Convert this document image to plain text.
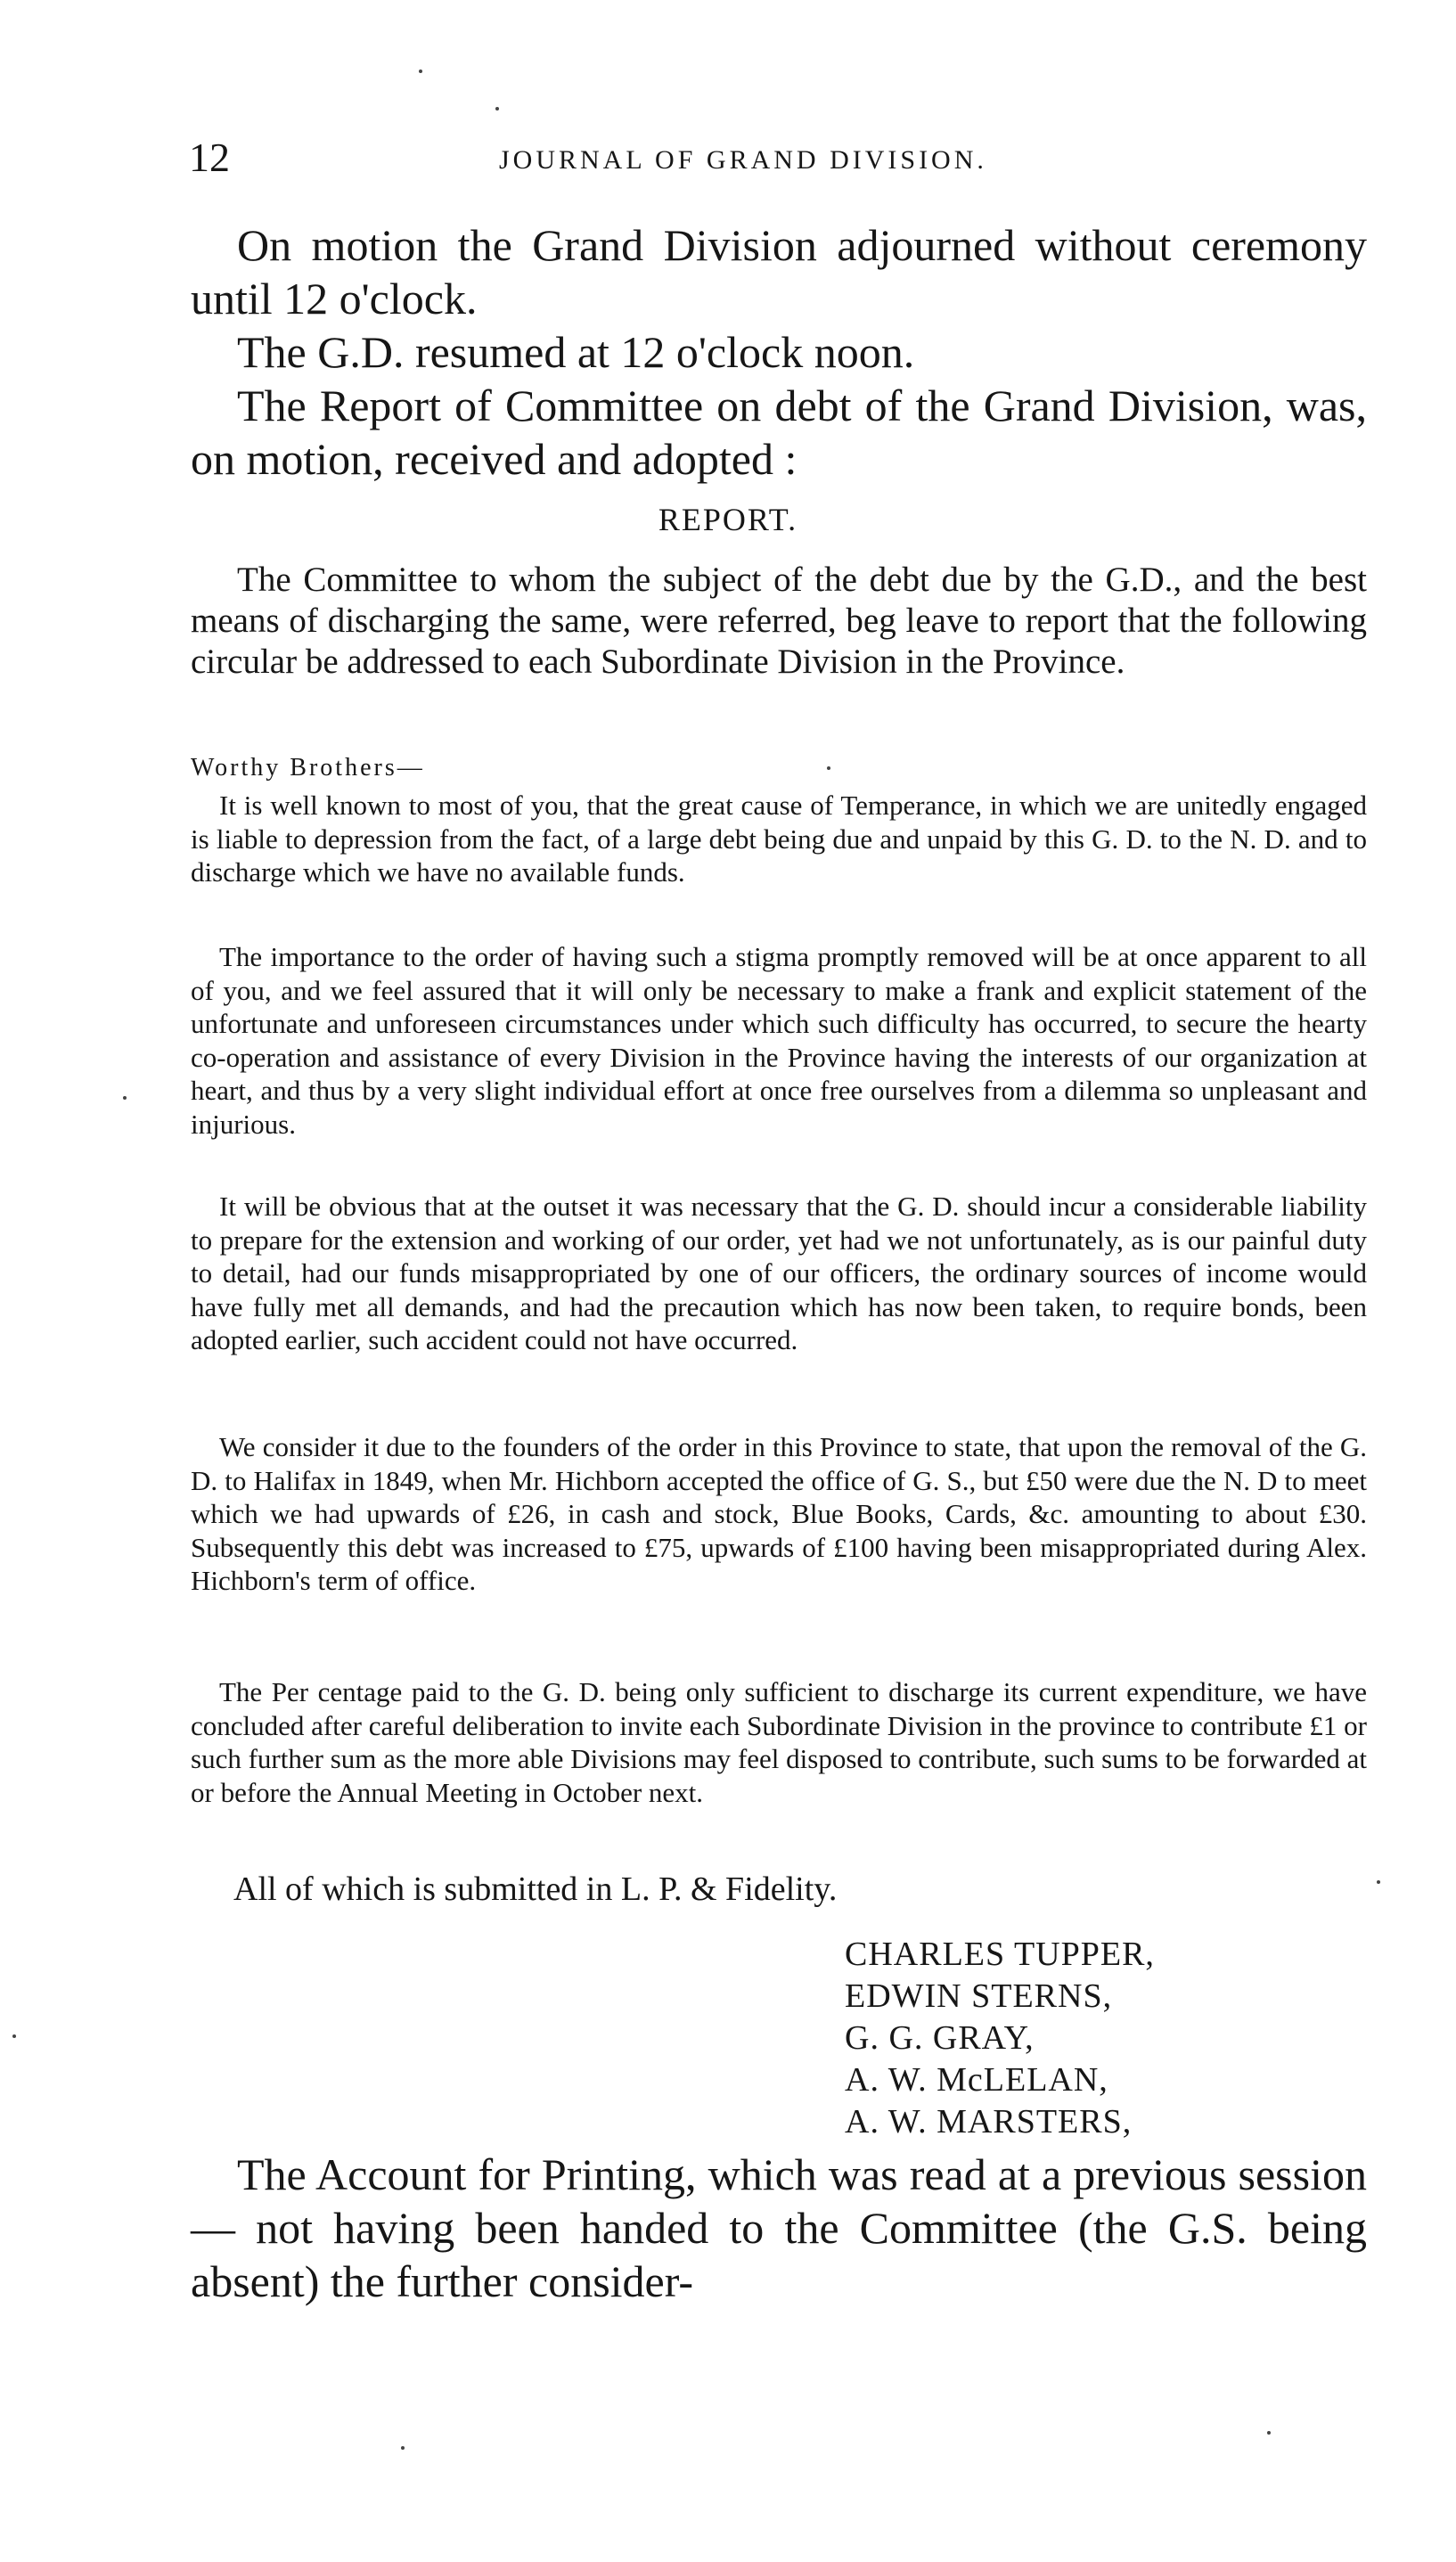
12	JOURNAL OF GRAND DIVISION.
On motion the Grand Division adjourned without ceremony until 12 o'clock.
The G.D. resumed at 12 o'clock noon.
The Report of Committee on debt of the Grand Division, was, on motion, received and adopted :
REPORT.
The Committee to whom the subject of the debt due by the G.D., and the best means of discharging the same, were referred, beg leave to report that the following circular be addressed to each Subordinate Division in the Province.
Worthy Brothers—
It is well known to most of you, that the great cause of Temperance, in which we are unitedly engaged is liable to depression from the fact, of a large debt being due and unpaid by this G. D. to the N. D. and to discharge which we have no available funds.
The importance to the order of having such a stigma promptly removed will be at once apparent to all of you, and we feel assured that it will only be necessary to make a frank and explicit statement of the unfortunate and unforeseen circumstances under which such difficulty has occurred, to secure the hearty co-operation and assistance of every Division in the Province having the interests of our organization at heart, and thus by a very slight individual effort at once free ourselves from a dilemma so unpleasant and injurious.
It will be obvious that at the outset it was necessary that the G. D. should incur a considerable liability to prepare for the extension and working of our order, yet had we not unfortunately, as is our painful duty to detail, had our funds misappropriated by one of our officers, the ordinary sources of income would have fully met all demands, and had the precaution which has now been taken, to require bonds, been adopted earlier, such accident could not have occurred.
We consider it due to the founders of the order in this Province to state, that upon the removal of the G. D. to Halifax in 1849, when Mr. Hichborn accepted the office of G. S., but £50 were due the N. D to meet which we had upwards of £26, in cash and stock, Blue Books, Cards, &c. amounting to about £30. Subsequently this debt was increased to £75, upwards of £100 having been misappropriated during Alex. Hichborn's term of office.
The Per centage paid to the G. D. being only sufficient to discharge its current expenditure, we have concluded after careful deliberation to invite each Subordinate Division in the province to contribute £1 or such further sum as the more able Divisions may feel disposed to contribute, such sums to be forwarded at or before the Annual Meeting in October next.
All of which is submitted in L. P. & Fidelity.
CHARLES TUPPER,
EDWIN STERNS,
G. G. GRAY,
A. W. McLELAN,
A. W. MARSTERS,
The Account for Printing, which was read at a previous session — not having been handed to the Committee (the G.S. being absent) the further consider-
